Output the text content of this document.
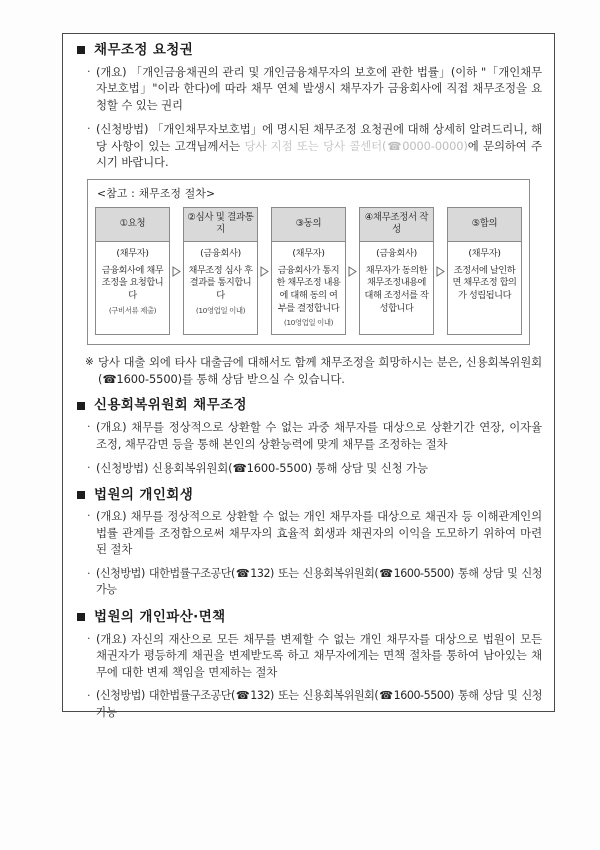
채무조정 요청권
· (개요) 「개인금융채권의 관리 및 개인금융채무자의 보호에 관한 법률」(이하 "「개인채무자보호법」"이라 한다)에 따라 채무 연체 발생시 채무자가 금융회사에 직접 채무조정을 요청할 수 있는 권리
· (신청방법) 「개인채무자보호법」에 명시된 채무조정 요청권에 대해 상세히 알려드리니, 해당 사항이 있는 고객님께서는 당사 지점 또는 당사 콜센터(☎0000-0000)에 문의하여 주시기 바랍니다.
<참고 : 채무조정 절차>
①요청
(채무자)
금융회사에 채무조정을 요청합니다
(구비서류 제출)
②심사 및 결과통지
(금융회사)
채무조정 심사 후 결과를 통지합니다
(10영업일 이내)
③동의
(채무자)
금융회사가 통지한 채무조정 내용에 대해 동의 여부를 결정합니다
(10영업일 이내)
④채무조정서 작성
(금융회사)
채무자가 동의한 채무조정내용에 대해 조정서를 작성합니다
⑤합의
(채무자)
조정서에 날인하면 채무조정 합의가 성립됩니다
※ 당사 대출 외에 타사 대출금에 대해서도 함께 채무조정을 희망하시는 분은, 신용회복위원회(☎1600-5500)를 통해 상담 받으실 수 있습니다.
신용회복위원회 채무조정
· (개요) 채무를 정상적으로 상환할 수 없는 과중 채무자를 대상으로 상환기간 연장, 이자율 조정, 채무감면 등을 통해 본인의 상환능력에 맞게 채무를 조정하는 절차
· (신청방법) 신용회복위원회(☎1600-5500) 통해 상담 및 신청 가능
법원의 개인회생
· (개요) 채무를 정상적으로 상환할 수 없는 개인 채무자를 대상으로 채권자 등 이해관계인의 법률 관계를 조정함으로써 채무자의 효율적 회생과 채권자의 이익을 도모하기 위하여 마련된 절차
· (신청방법) 대한법률구조공단(☎132) 또는 신용회복위원회(☎1600-5500) 통해 상담 및 신청 가능
법원의 개인파산·면책
· (개요) 자신의 재산으로 모든 채무를 변제할 수 없는 개인 채무자를 대상으로 법원이 모든 채권자가 평등하게 채권을 변제받도록 하고 채무자에게는 면책 절차를 통하여 남아있는 채무에 대한 변제 책임을 면제하는 절차
· (신청방법) 대한법률구조공단(☎132) 또는 신용회복위원회(☎1600-5500) 통해 상담 및 신청 가능
